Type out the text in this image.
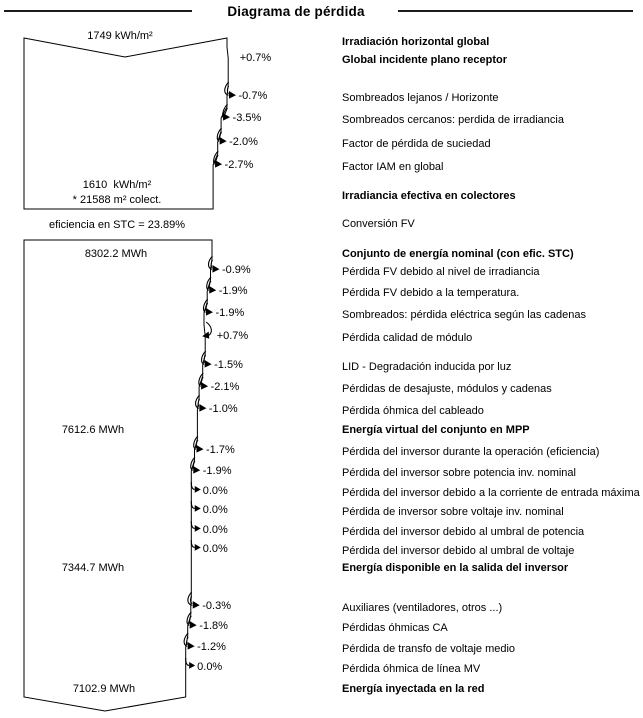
Diagrama de pérdida
Irradiación horizontal global
1749 kWh/m²
Global incidente plano receptor
+0.7%
Sombreados lejanos / Horizonte
-0.7%
Sombreados cercanos: perdida de irradiancia
-3.5%
Factor de pérdida de suciedad
-2.0%
Factor IAM en global
-2.7%
Irradiancia efectiva en colectores
1610  kWh/m²
* 21588 m² colect.
Conversión FV
eficiencia en STC = 23.89%
Conjunto de energía nominal (con efic. STC)
8302.2 MWh
Pérdida FV debido al nivel de irradiancia
-0.9%
Pérdida FV debido a la temperatura.
-1.9%
Sombreados: pérdida eléctrica según las cadenas
-1.9%
Pérdida calidad de módulo
+0.7%
LID - Degradación inducida por luz
-1.5%
Pérdidas de desajuste, módulos y cadenas
-2.1%
Pérdida óhmica del cableado
-1.0%
Energía virtual del conjunto en MPP
7612.6 MWh
Pérdida del inversor durante la operación (eficiencia)
-1.7%
Pérdida del inversor sobre potencia inv. nominal
-1.9%
Pérdida del inversor debido a la corriente de entrada máxima
0.0%
Pérdida de inversor sobre voltaje inv. nominal
0.0%
Pérdida del inversor debido al umbral de potencia
0.0%
Pérdida del inversor debido al umbral de voltaje
0.0%
Energía disponible en la salida del inversor
7344.7 MWh
Auxiliares (ventiladores, otros ...)
-0.3%
Pérdidas óhmicas CA
-1.8%
Pérdida de transfo de voltaje medio
-1.2%
Pérdida óhmica de línea MV
0.0%
Energía inyectada en la red
7102.9 MWh
